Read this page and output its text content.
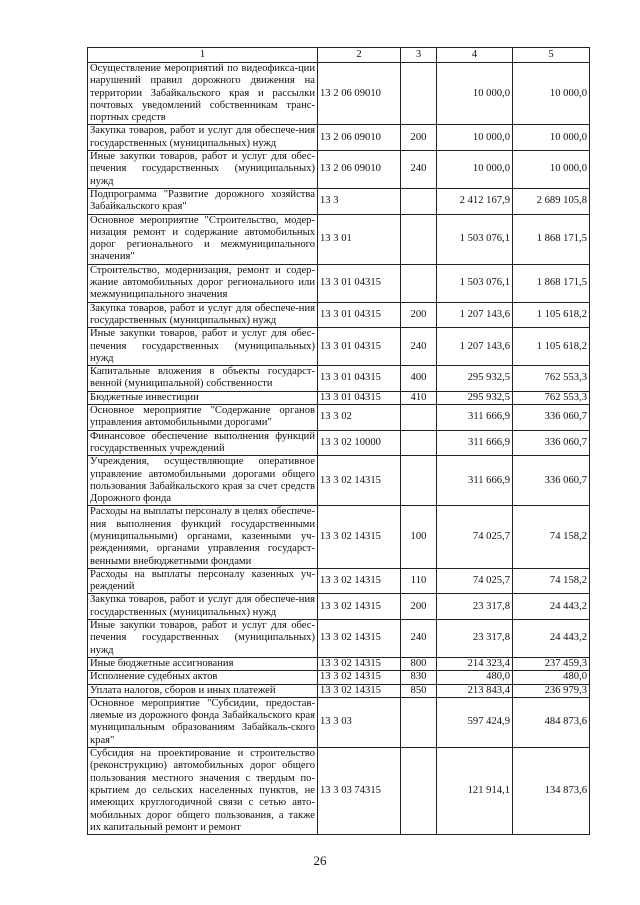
1	2	3	4	5
Осуществление мероприятий по видеофикса-ции нарушений правил дорожного движения на территории Забайкальского края и рассылки почтовых уведомлений собственникам транс-портных средств	13 2 06 09010		10 000,0	10 000,0
Закупка товаров, работ и услуг для обеспече-ния государственных (муниципальных) нужд	13 2 06 09010	200	10 000,0	10 000,0
Иные закупки товаров, работ и услуг для обес-печения государственных (муниципальных) нужд	13 2 06 09010	240	10 000,0	10 000,0
Подпрограмма "Развитие дорожного хозяйства Забайкальского края"	13 3		2 412 167,9	2 689 105,8
Основное мероприятие "Строительство, модер-низация ремонт и содержание автомобильных дорог регионального и межмуниципального значения"	13 3 01		1 503 076,1	1 868 171,5
Строительство, модернизация, ремонт и содер-жание автомобильных дорог регионального или межмуниципального значения	13 3 01 04315		1 503 076,1	1 868 171,5
Закупка товаров, работ и услуг для обеспече-ния государственных (муниципальных) нужд	13 3 01 04315	200	1 207 143,6	1 105 618,2
Иные закупки товаров, работ и услуг для обес-печения государственных (муниципальных) нужд	13 3 01 04315	240	1 207 143,6	1 105 618,2
Капитальные вложения в объекты государст-венной (муниципальной) собственности	13 3 01 04315	400	295 932,5	762 553,3
Бюджетные инвестиции	13 3 01 04315	410	295 932,5	762 553,3
Основное мероприятие "Содержание органов управления автомобильными дорогами"	13 3 02		311 666,9	336 060,7
Финансовое обеспечение выполнения функций государственных учреждений	13 3 02 10000		311 666,9	336 060,7
Учреждения, осуществляющие оперативное управление автомобильными дорогами общего пользования Забайкальского края за счет средств Дорожного фонда	13 3 02 14315		311 666,9	336 060,7
Расходы на выплаты персоналу в целях обеспече-ния выполнения функций государственными (муниципальными) органами, казенными уч-реждениями, органами управления государст-венными внебюджетными фондами	13 3 02 14315	100	74 025,7	74 158,2
Расходы на выплаты персоналу казенных уч-реждений	13 3 02 14315	110	74 025,7	74 158,2
Закупка товаров, работ и услуг для обеспече-ния государственных (муниципальных) нужд	13 3 02 14315	200	23 317,8	24 443,2
Иные закупки товаров, работ и услуг для обес-печения государственных (муниципальных) нужд	13 3 02 14315	240	23 317,8	24 443,2
Иные бюджетные ассигнования	13 3 02 14315	800	214 323,4	237 459,3
Исполнение судебных актов	13 3 02 14315	830	480,0	480,0
Уплата налогов, сборов и иных платежей	13 3 02 14315	850	213 843,4	236 979,3
Основное мероприятие "Субсидии, предостав-ляемые из дорожного фонда Забайкальского края муниципальным образованиям Забайкаль-ского края"	13 3 03		597 424,9	484 873,6
Субсидия на проектирование и строительство (реконструкцию) автомобильных дорог общего пользования местного значения с твердым по-крытием до сельских населенных пунктов, не имеющих круглогодичной связи с сетью авто-мобильных дорог общего пользования, а также их капитальный ремонт и ремонт	13 3 03 74315		121 914,1	134 873,6
26
